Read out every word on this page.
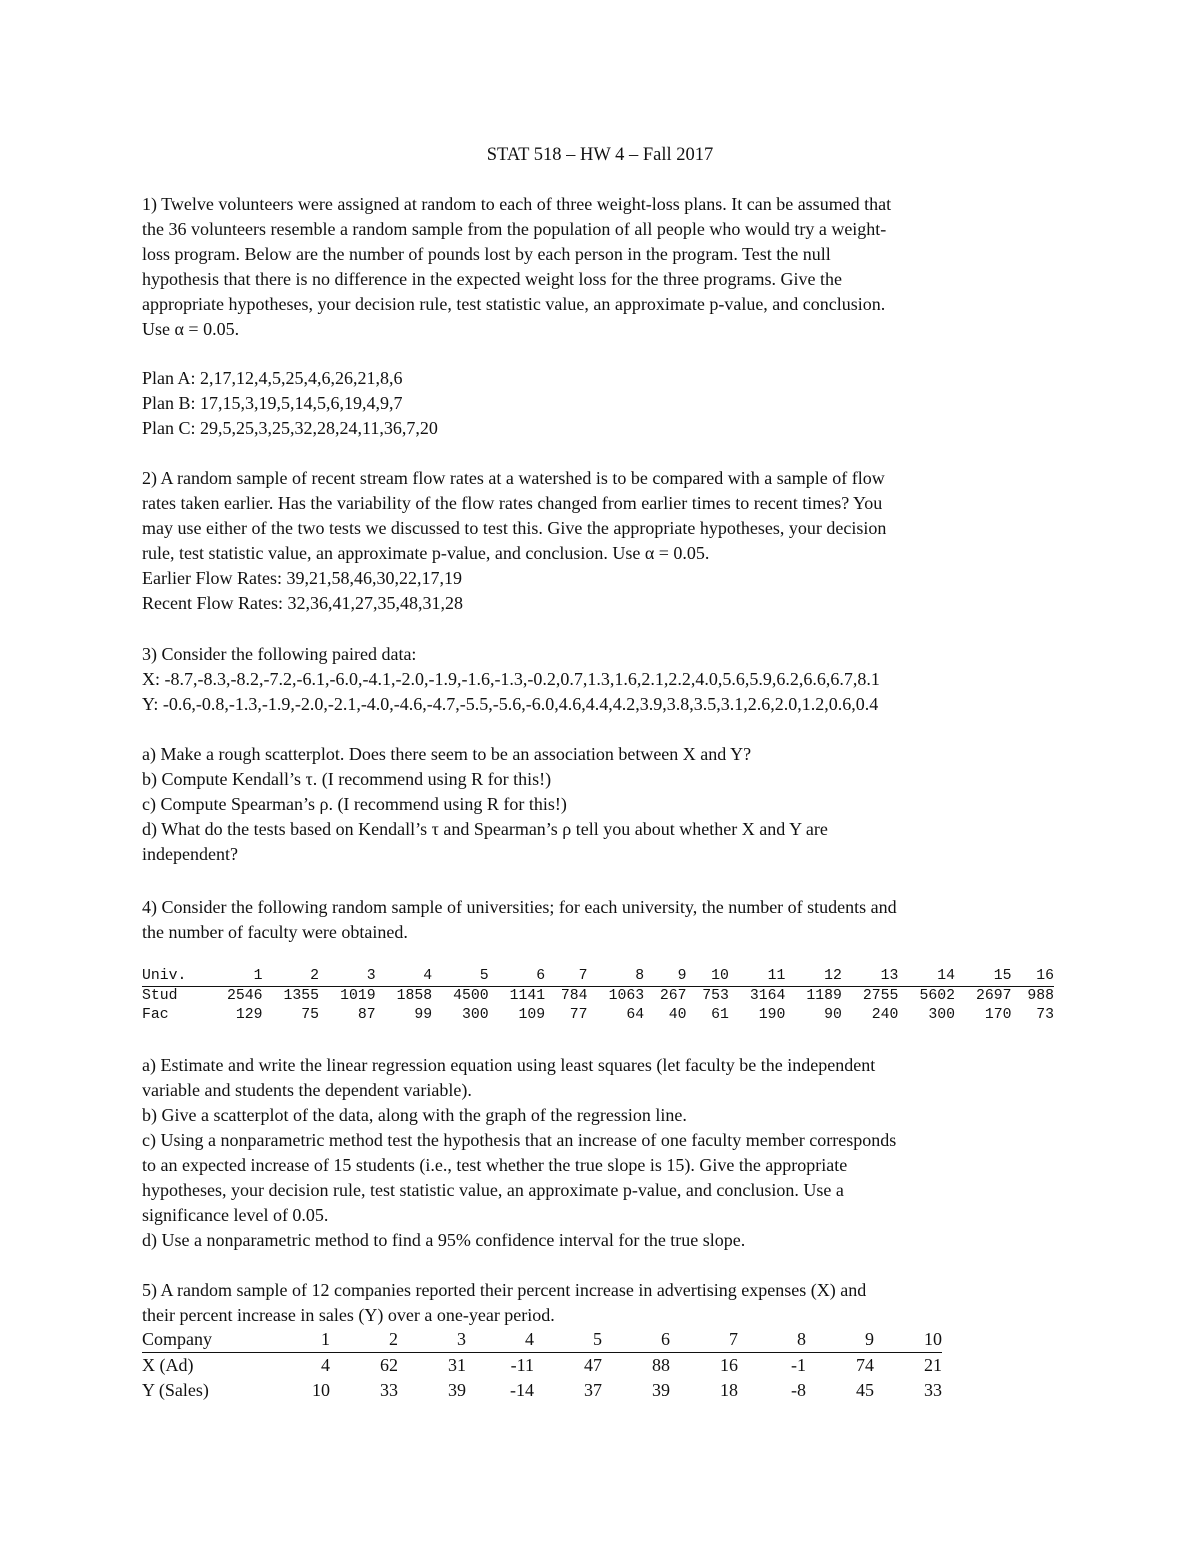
STAT 518 – HW 4 – Fall 2017

1) Twelve volunteers were assigned at random to each of three weight-loss plans. It can be assumed that

the 36 volunteers resemble a random sample from the population of all people who would try a weight-

loss program. Below are the number of pounds lost by each person in the program. Test the null

hypothesis that there is no difference in the expected weight loss for the three programs. Give the

appropriate hypotheses, your decision rule, test statistic value, an approximate p-value, and conclusion.

Use α = 0.05.

Plan A: 2,17,12,4,5,25,4,6,26,21,8,6

Plan B: 17,15,3,19,5,14,5,6,19,4,9,7

Plan C: 29,5,25,3,25,32,28,24,11,36,7,20

2) A random sample of recent stream flow rates at a watershed is to be compared with a sample of flow

rates taken earlier. Has the variability of the flow rates changed from earlier times to recent times? You

may use either of the two tests we discussed to test this. Give the appropriate hypotheses, your decision

rule, test statistic value, an approximate p-value, and conclusion. Use α = 0.05.

Earlier Flow Rates: 39,21,58,46,30,22,17,19

Recent Flow Rates: 32,36,41,27,35,48,31,28

3) Consider the following paired data:

X: -8.7,-8.3,-8.2,-7.2,-6.1,-6.0,-4.1,-2.0,-1.9,-1.6,-1.3,-0.2,0.7,1.3,1.6,2.1,2.2,4.0,5.6,5.9,6.2,6.6,6.7,8.1

Y: -0.6,-0.8,-1.3,-1.9,-2.0,-2.1,-4.0,-4.6,-4.7,-5.5,-5.6,-6.0,4.6,4.4,4.2,3.9,3.8,3.5,3.1,2.6,2.0,1.2,0.6,0.4

a) Make a rough scatterplot. Does there seem to be an association between X and Y?

b) Compute Kendall’s τ. (I recommend using R for this!)

c) Compute Spearman’s ρ. (I recommend using R for this!)

d) What do the tests based on Kendall’s τ and Spearman’s ρ tell you about whether X and Y are

independent?

4) Consider the following random sample of universities; for each university, the number of students and

the number of faculty were obtained.

Univ.	1	2	3	4	5	6	7	8	9	10	11	12	13	14	15	16
Stud	2546	1355	1019	1858	4500	1141	784	1063	267	753	3164	1189	2755	5602	2697	988
Fac	129	75	87	99	300	109	77	64	40	61	190	90	240	300	170	73

a) Estimate and write the linear regression equation using least squares (let faculty be the independent

variable and students the dependent variable).

b) Give a scatterplot of the data, along with the graph of the regression line.

c) Using a nonparametric method test the hypothesis that an increase of one faculty member corresponds

to an expected increase of 15 students (i.e., test whether the true slope is 15). Give the appropriate

hypotheses, your decision rule, test statistic value, an approximate p-value, and conclusion. Use a

significance level of 0.05.

d) Use a nonparametric method to find a 95% confidence interval for the true slope.

5) A random sample of 12 companies reported their percent increase in advertising expenses (X) and

their percent increase in sales (Y) over a one-year period.

Company	1	2	3	4	5	6	7	8	9	10
X (Ad)	4	62	31	-11	47	88	16	-1	74	21
Y (Sales)	10	33	39	-14	37	39	18	-8	45	33
